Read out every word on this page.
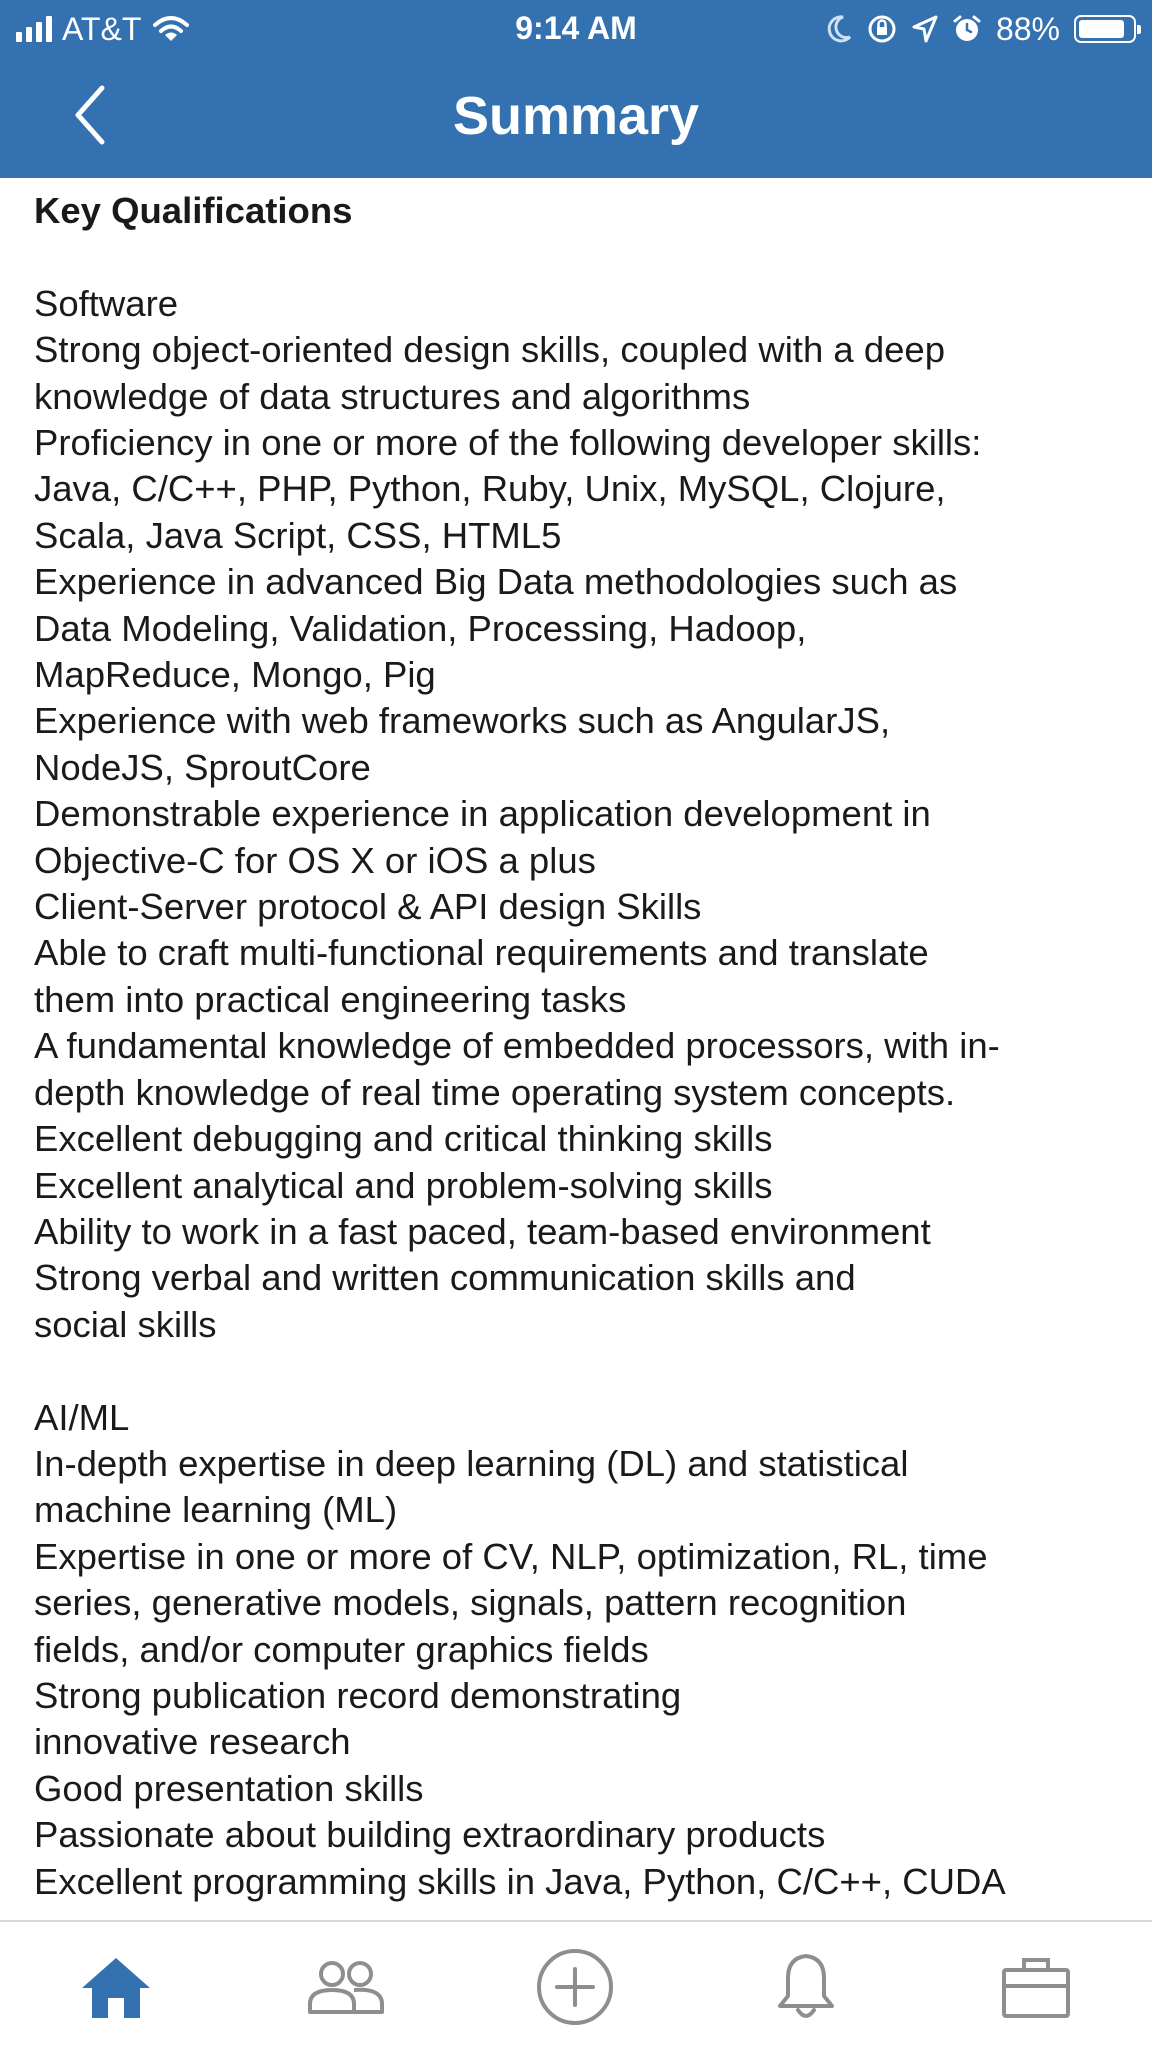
AT&T	9:14 AM	88%
Summary

Key Qualifications

Software

Strong object-oriented design skills, coupled with a deep

knowledge of data structures and algorithms

Proficiency in one or more of the following developer skills:

Java, C/C++, PHP, Python, Ruby, Unix, MySQL, Clojure,

Scala, Java Script, CSS, HTML5

Experience in advanced Big Data methodologies such as

Data Modeling, Validation, Processing, Hadoop,

MapReduce, Mongo, Pig

Experience with web frameworks such as AngularJS,

NodeJS, SproutCore

Demonstrable experience in application development in

Objective-C for OS X or iOS a plus

Client-Server protocol & API design Skills

Able to craft multi-functional requirements and translate

them into practical engineering tasks

A fundamental knowledge of embedded processors, with in-

depth knowledge of real time operating system concepts.

Excellent debugging and critical thinking skills

Excellent analytical and problem-solving skills

Ability to work in a fast paced, team-based environment

Strong verbal and written communication skills and

social skills

AI/ML

In-depth expertise in deep learning (DL) and statistical

machine learning (ML)

Expertise in one or more of CV, NLP, optimization, RL, time

series, generative models, signals, pattern recognition

fields, and/or computer graphics fields

Strong publication record demonstrating

innovative research

Good presentation skills

Passionate about building extraordinary products

Excellent programming skills in Java, Python, C/C++, CUDA
